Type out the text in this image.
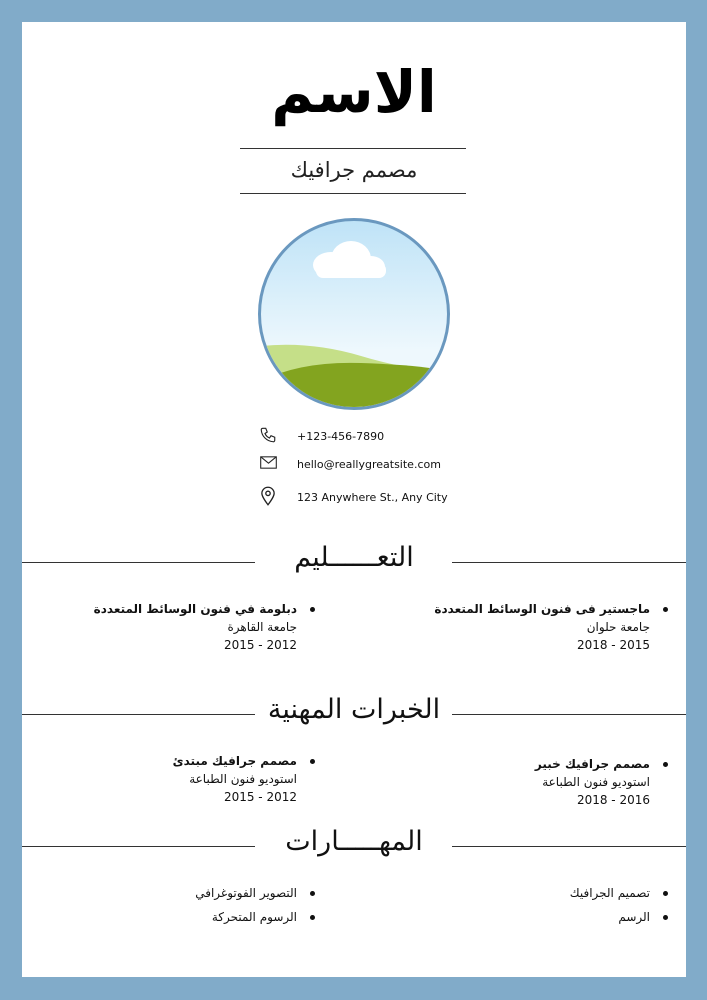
الاسم
مصمم جرافيك
+123-456-7890
hello@reallygreatsite.com
123 Anywhere St., Any City
التعــــــليم
ماجستير فى فنون الوسائط المتعددة
جامعة حلوان
2015 - 2018
دبلومة في فنون الوسائط المتعددة
جامعة القاهرة
2012 - 2015
الخبرات المهنية
مصمم جرافيك خبير
استوديو فنون الطباعة
2016 - 2018
مصمم جرافيك مبتدئ
استوديو فنون الطباعة
2012 - 2015
المهـــــارات
تصميم الجرافيك
الرسم
التصوير الفوتوغرافي
الرسوم المتحركة
